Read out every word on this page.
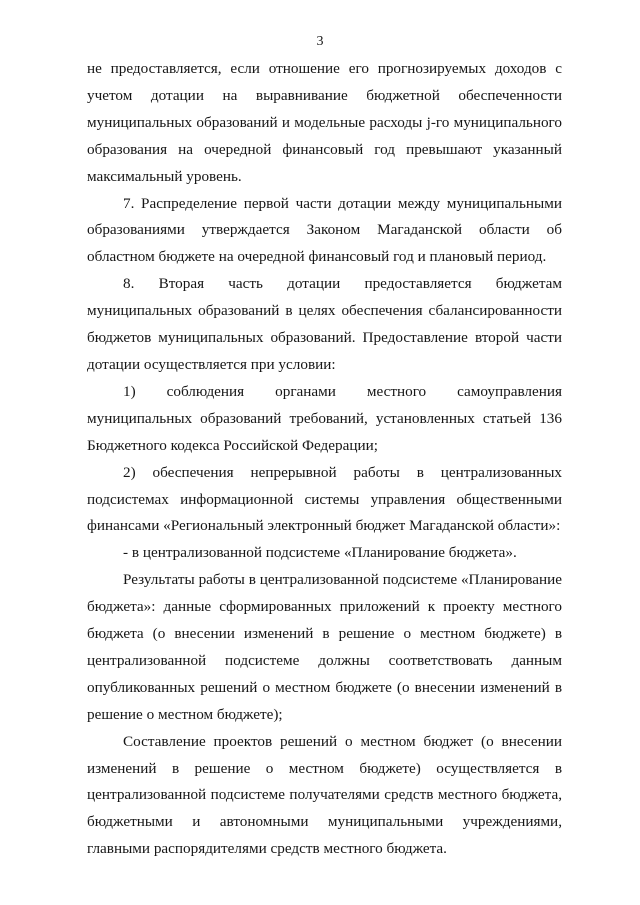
3

не предоставляется, если отношение его прогнозируемых доходов с учетом дотации на выравнивание бюджетной обеспеченности муниципальных образований и модельные расходы j-го муниципального образования на очередной финансовый год превышают указанный максимальный уровень.

7. Распределение первой части дотации между муниципальными образованиями утверждается Законом Магаданской области об областном бюджете на очередной финансовый год и плановый период.

8. Вторая часть дотации предоставляется бюджетам муниципальных образований в целях обеспечения сбалансированности бюджетов муниципальных образований. Предоставление второй части дотации осуществляется при условии:

1) соблюдения органами местного самоуправления муниципальных образований требований, установленных статьей 136 Бюджетного кодекса Российской Федерации;

2) обеспечения непрерывной работы в централизованных подсистемах информационной системы управления общественными финансами «Региональный электронный бюджет Магаданской области»:

- в централизованной подсистеме «Планирование бюджета».

Результаты работы в централизованной подсистеме «Планирование бюджета»: данные сформированных приложений к проекту местного бюджета (о внесении изменений в решение о местном бюджете) в централизованной подсистеме должны соответствовать данным опубликованных решений о местном бюджете (о внесении изменений в решение о местном бюджете);

Составление проектов решений о местном бюджет (о внесении изменений в решение о местном бюджете) осуществляется в централизованной подсистеме получателями средств местного бюджета, бюджетными и автономными муниципальными учреждениями, главными распорядителями средств местного бюджета.
